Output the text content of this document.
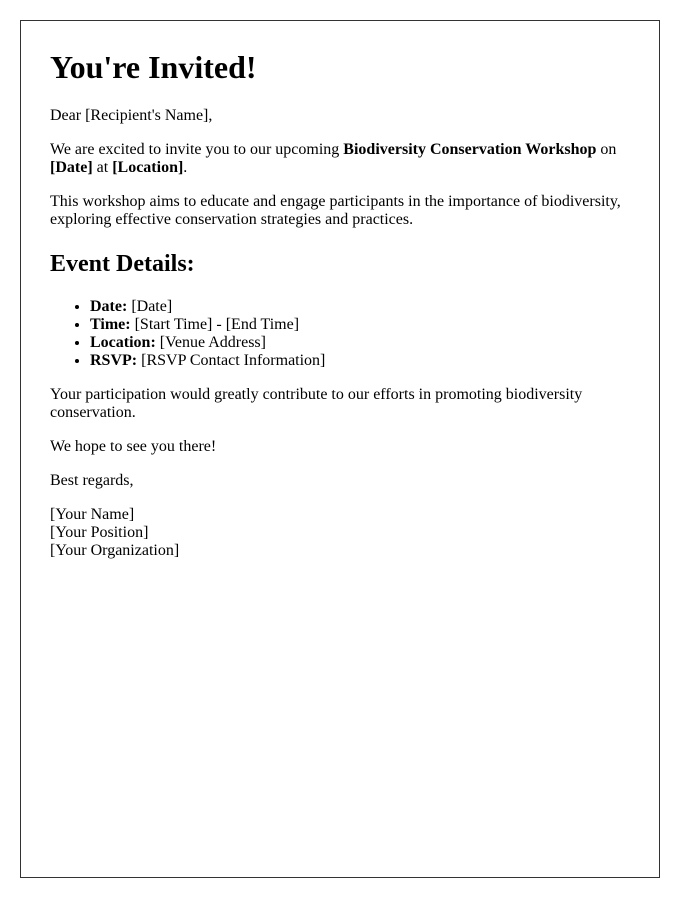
You're Invited!

Dear [Recipient's Name],

We are excited to invite you to our upcoming Biodiversity Conservation Workshop on [Date] at [Location].

This workshop aims to educate and engage participants in the importance of biodiversity, exploring effective conservation strategies and practices.

Event Details:
• Date: [Date]
• Time: [Start Time] - [End Time]
• Location: [Venue Address]
• RSVP: [RSVP Contact Information]

Your participation would greatly contribute to our efforts in promoting biodiversity conservation.

We hope to see you there!

Best regards,

[Your Name]
[Your Position]
[Your Organization]
